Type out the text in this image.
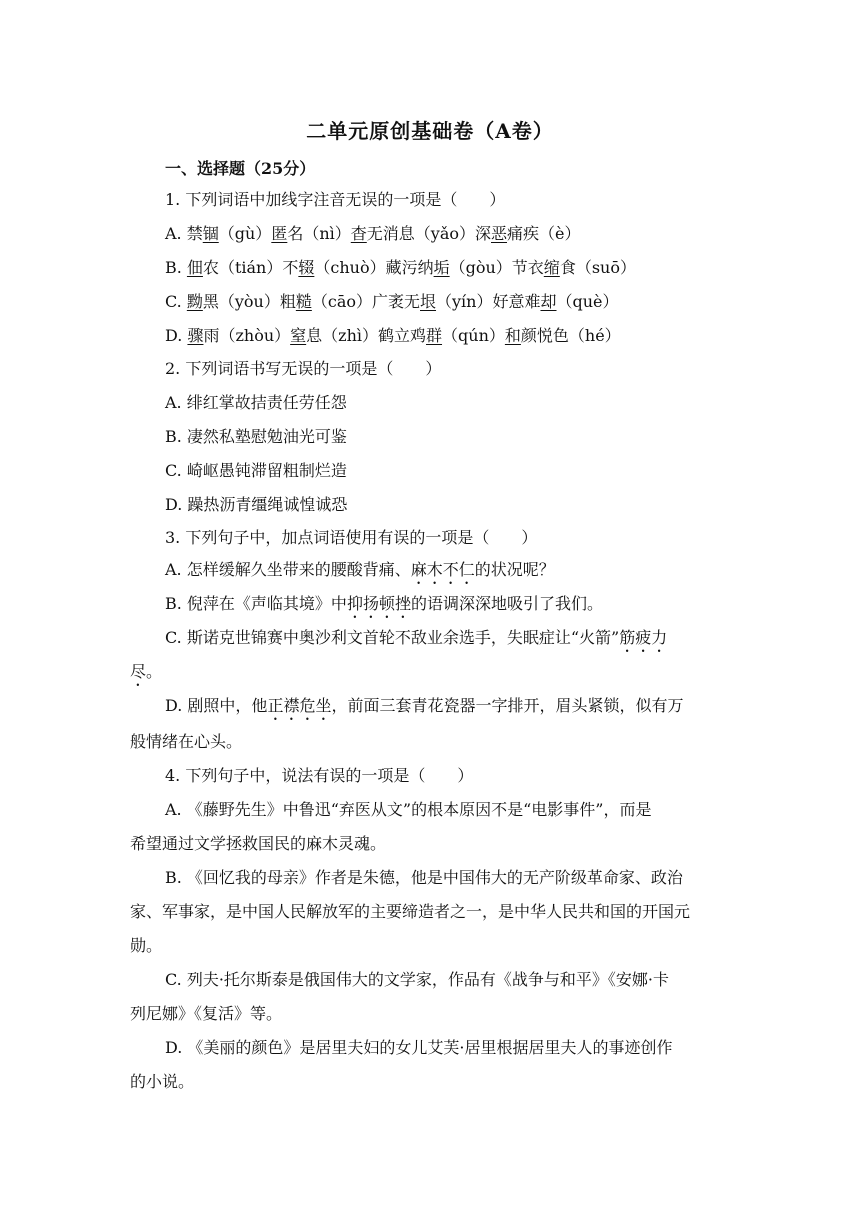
二单元原创基础卷（A卷）
一、选择题（25分）
1. 下列词语中加线字注音无误的一项是（　　）
A. 禁锢（gù）匿名（nì）杳无消息（yǎo）深恶痛疾（è）
B. 佃农（tián）不辍（chuò）藏污纳垢（gòu）节衣缩食（suō）
C. 黝黑（yòu）粗糙（cāo）广袤无垠（yín）好意难却（què）
D. 骤雨（zhòu）窒息（zhì）鹤立鸡群（qún）和颜悦色（hé）
2. 下列词语书写无误的一项是（　　）
A. 绯红掌故拮责任劳任怨
B. 凄然私塾慰勉油光可鉴
C. 崎岖愚钝滞留粗制烂造
D. 躁热沥青缰绳诚惶诚恐
3. 下列句子中，加点词语使用有误的一项是（　　）
A. 怎样缓解久坐带来的腰酸背痛、麻木不仁的状况呢？
B. 倪萍在《声临其境》中抑扬顿挫的语调深深地吸引了我们。
C. 斯诺克世锦赛中奥沙利文首轮不敌业余选手，失眠症让“火箭”筋疲力
尽。
D. 剧照中，他正襟危坐，前面三套青花瓷器一字排开，眉头紧锁，似有万
般情绪在心头。
4. 下列句子中，说法有误的一项是（　　）
A. 《藤野先生》中鲁迅“弃医从文”的根本原因不是“电影事件”，而是
希望通过文学拯救国民的麻木灵魂。
B. 《回忆我的母亲》作者是朱德，他是中国伟大的无产阶级革命家、政治
家、军事家，是中国人民解放军的主要缔造者之一，是中华人民共和国的开国元
勋。
C. 列夫·托尔斯泰是俄国伟大的文学家，作品有《战争与和平》《安娜·卡
列尼娜》《复活》等。
D. 《美丽的颜色》是居里夫妇的女儿艾芙·居里根据居里夫人的事迹创作
的小说。
